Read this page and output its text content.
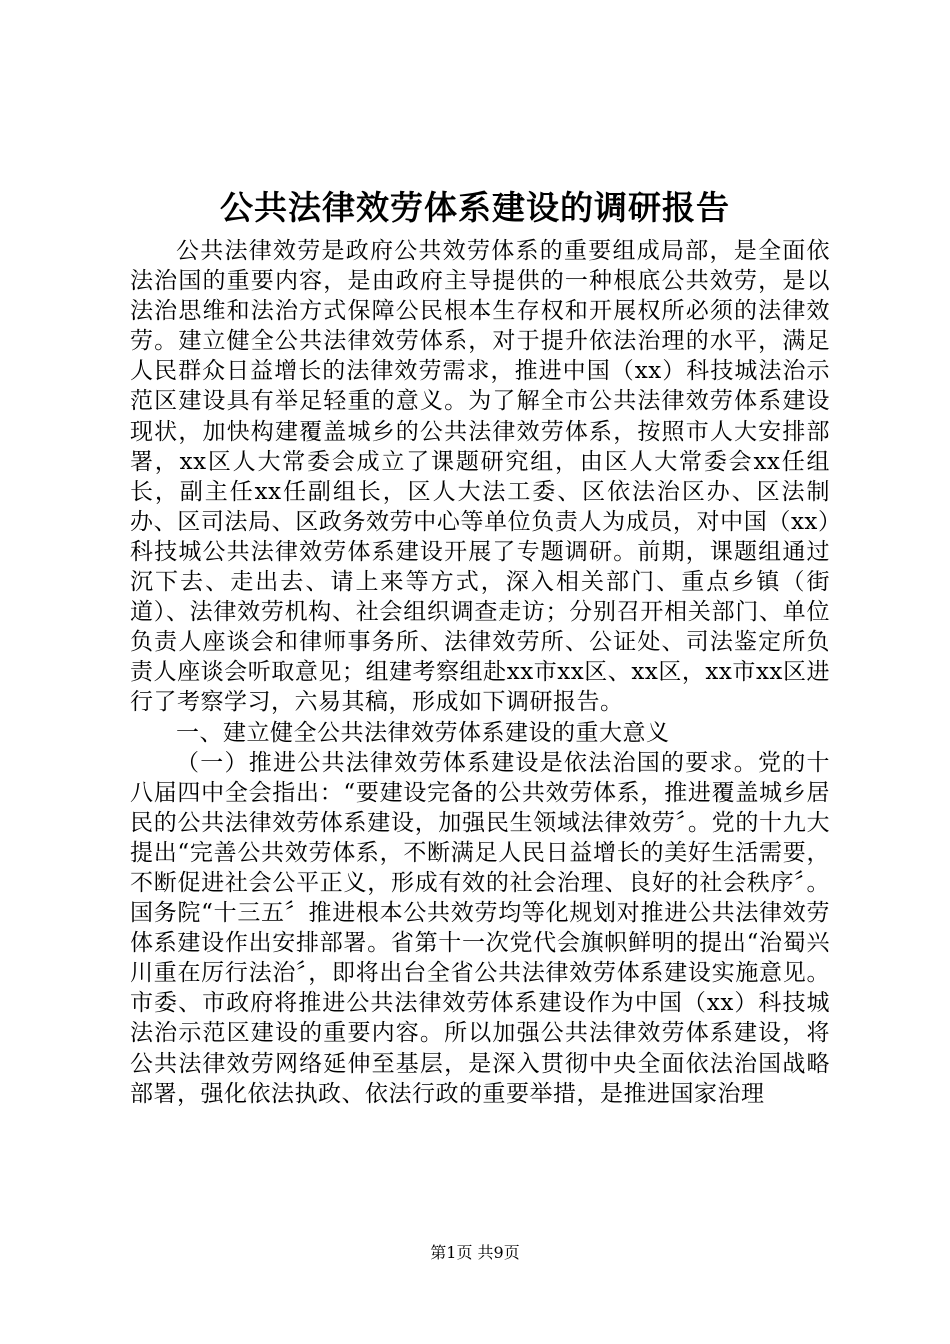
公共法律效劳体系建设的调研报告

公共法律效劳是政府公共效劳体系的重要组成局部，是全面依法治国的重要内容，是由政府主导提供的一种根底公共效劳，是以法治思维和法治方式保障公民根本生存权和开展权所必须的法律效劳。建立健全公共法律效劳体系，对于提升依法治理的水平，满足人民群众日益增长的法律效劳需求，推进中国（xx）科技城法治示范区建设具有举足轻重的意义。为了解全市公共法律效劳体系建设现状，加快构建覆盖城乡的公共法律效劳体系，按照市人大安排部署，xx区人大常委会成立了课题研究组，由区人大常委会xx任组长，副主任xx任副组长，区人大法工委、区依法治区办、区法制办、区司法局、区政务效劳中心等单位负责人为成员，对中国（xx）科技城公共法律效劳体系建设开展了专题调研。前期，课题组通过沉下去、走出去、请上来等方式，深入相关部门、重点乡镇（街道）、法律效劳机构、社会组织调查走访；分别召开相关部门、单位负责人座谈会和律师事务所、法律效劳所、公证处、司法鉴定所负责人座谈会听取意见；组建考察组赴xx市xx区、xx区，xx市xx区进行了考察学习，六易其稿，形成如下调研报告。

一、建立健全公共法律效劳体系建设的重大意义

（一）推进公共法律效劳体系建设是依法治国的要求。党的十八届四中全会指出：“要建设完备的公共效劳体系，推进覆盖城乡居民的公共法律效劳体系建设，加强民生领域法律效劳〞。党的十九大提出“完善公共效劳体系，不断满足人民日益增长的美好生活需要，不断促进社会公平正义，形成有效的社会治理、良好的社会秩序〞。国务院“十三五〞推进根本公共效劳均等化规划对推进公共法律效劳体系建设作出安排部署。省第十一次党代会旗帜鲜明的提出“治蜀兴川重在厉行法治〞，即将出台全省公共法律效劳体系建设实施意见。市委、市政府将推进公共法律效劳体系建设作为中国（xx）科技城法治示范区建设的重要内容。所以加强公共法律效劳体系建设，将公共法律效劳网络延伸至基层，是深入贯彻中央全面依法治国战略部署，强化依法执政、依法行政的重要举措，是推进国家治理

第1页 共9页
